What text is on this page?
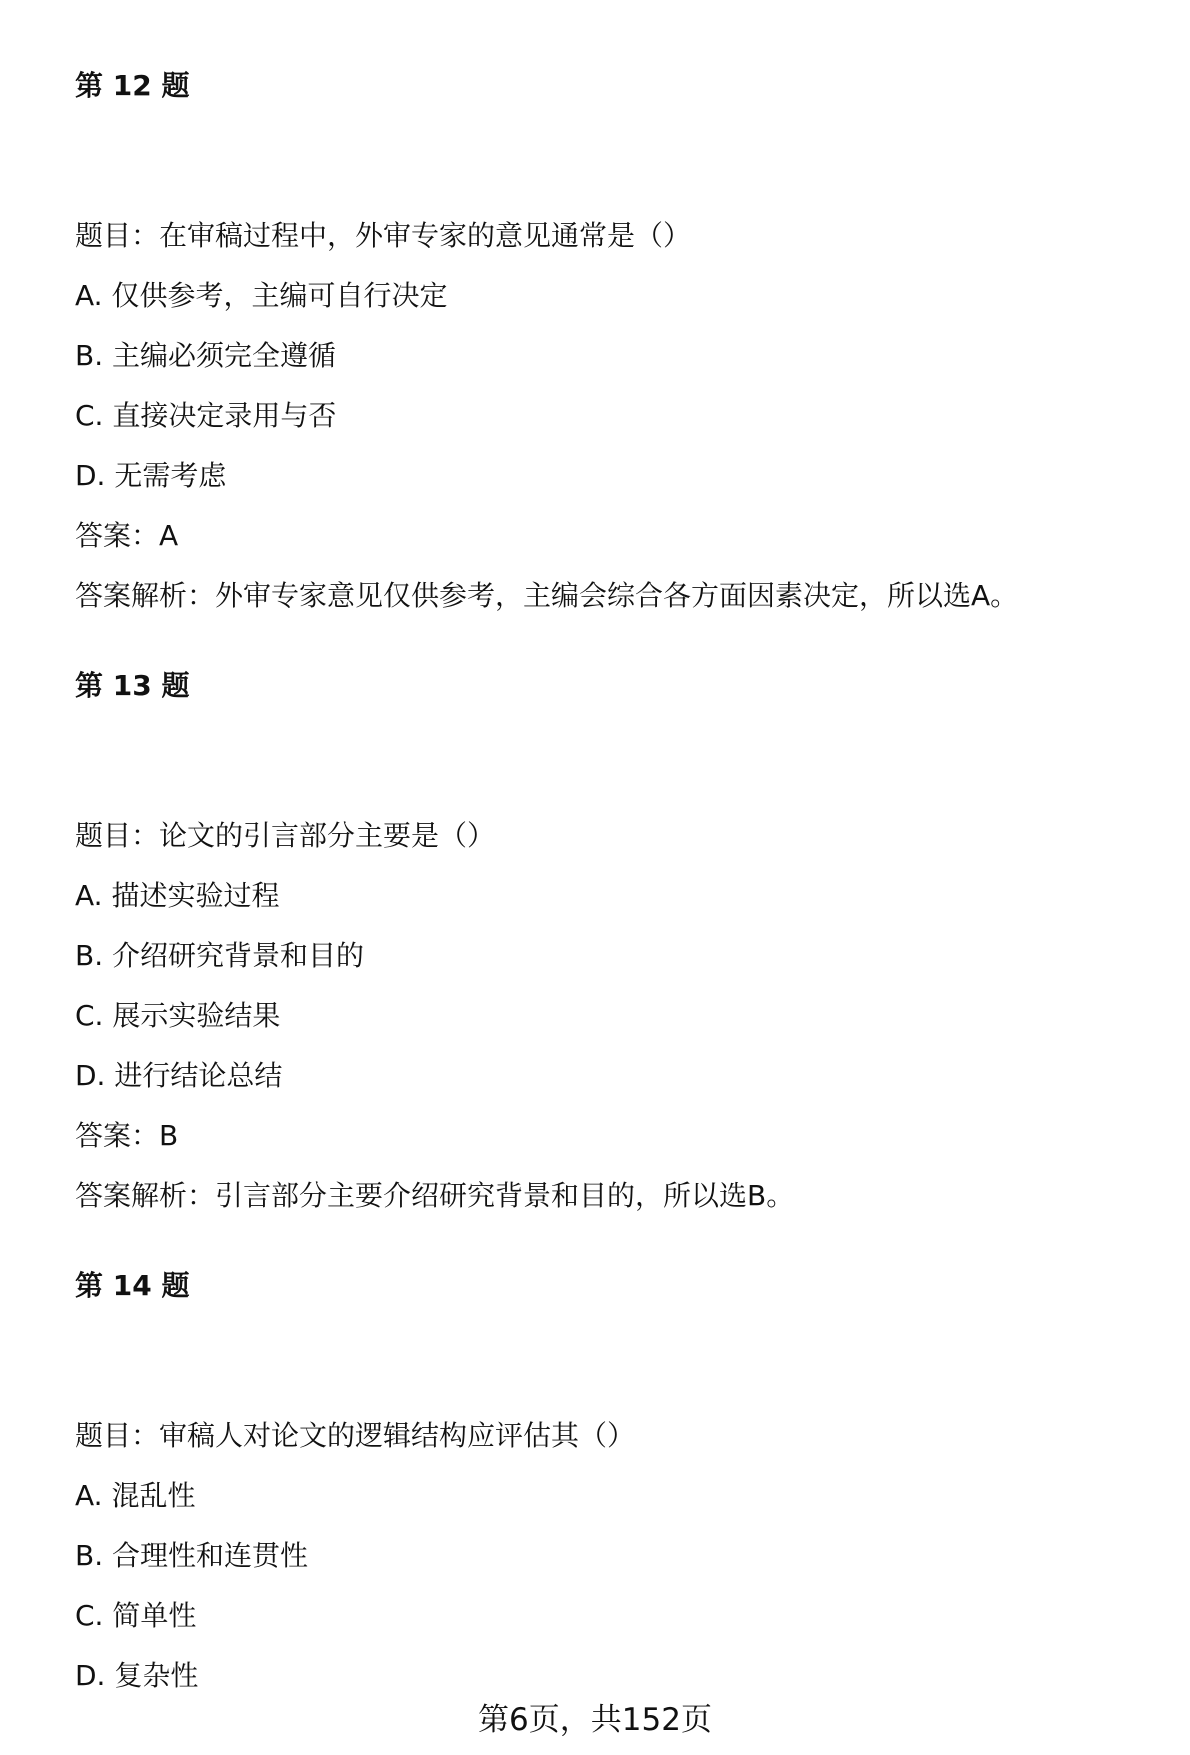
第 12 题
题目：在审稿过程中，外审专家的意见通常是（）
A. 仅供参考，主编可自行决定
B. 主编必须完全遵循
C. 直接决定录用与否
D. 无需考虑
答案：A
答案解析：外审专家意见仅供参考，主编会综合各方面因素决定，所以选A。
第 13 题
题目：论文的引言部分主要是（）
A. 描述实验过程
B. 介绍研究背景和目的
C. 展示实验结果
D. 进行结论总结
答案：B
答案解析：引言部分主要介绍研究背景和目的，所以选B。
第 14 题
题目：审稿人对论文的逻辑结构应评估其（）
A. 混乱性
B. 合理性和连贯性
C. 简单性
D. 复杂性
第6页，共152页
